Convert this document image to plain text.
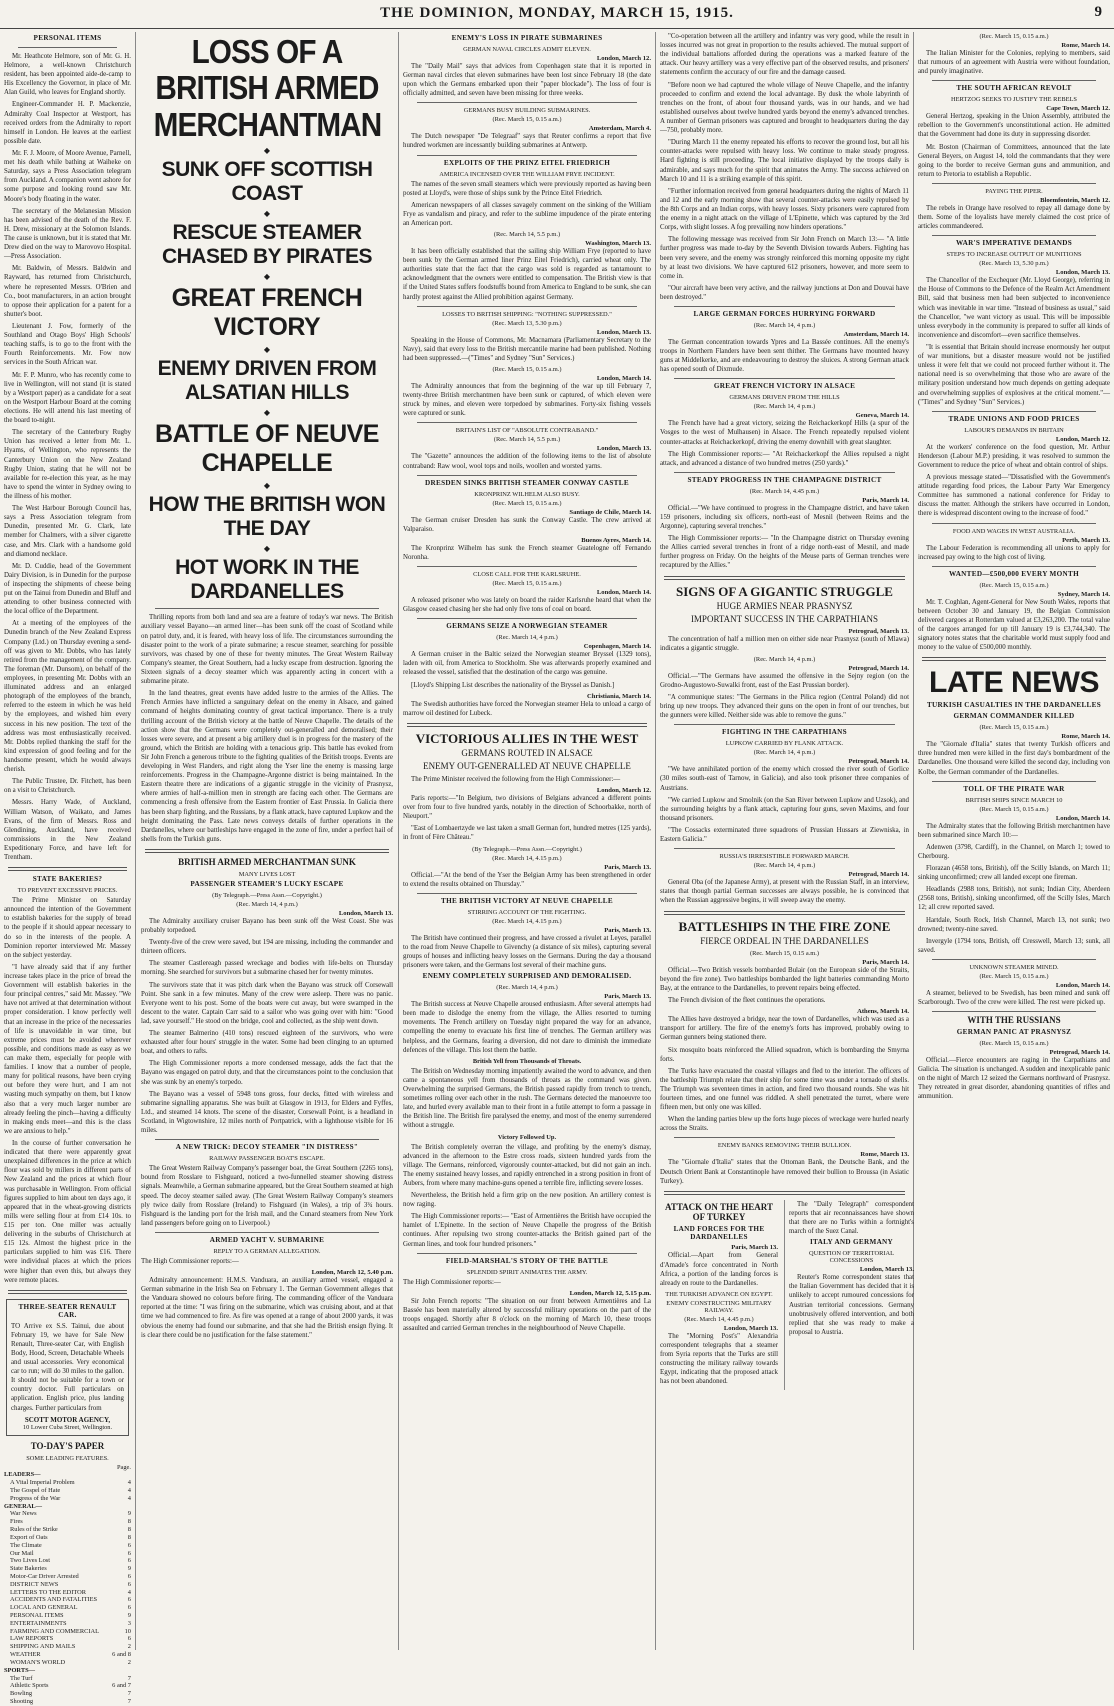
THE DOMINION, MONDAY, MARCH 15, 1915.	9
PERSONAL ITEMS

Mr. Heathcote Helmore, son of Mr. G. H. Helmore, a well-known Christchurch resident, has been appointed aide-de-camp to His Excellency the Governor, in place of Mr. Alan Guild, who leaves for England shortly.

Engineer-Commander H. P. Mackenzie, Admiralty Coal Inspector at Westport, has received orders from the Admiralty to report himself in London. He leaves at the earliest possible date.

Mr. F. J. Moore, of Moore Avenue, Parnell, met his death while bathing at Waiheke on Saturday, says a Press Association telegram from Auckland. A companion went ashore for some purpose and looking round saw Mr. Moore's body floating in the water.

The secretary of the Melanesian Mission has been advised of the death of the Rev. F. H. Drew, missionary at the Solomon Islands. The cause is unknown, but it is stated that Mr. Drew died on the way to Marovovo Hospital.—Press Association.

Mr. Baldwin, of Messrs. Baldwin and Rayward, has returned from Christchurch, where he represented Messrs. O'Brien and Co., boot manufacturers, in an action brought to oppose their application for a patent for a shutter's boot.

Lieutenant J. Fow, formerly of the Southland and Otago Boys' High Schools' teaching staffs, is to go to the front with the Fourth Reinforcements. Mr. Fow now services in the South African war.

Mr. F. P. Munro, who has recently come to live in Wellington, will not stand (it is stated by a Westport paper) as a candidate for a seat on the Westport Harbour Board at the coming elections. He will attend his last meeting of the board to-night.

The secretary of the Canterbury Rugby Union has received a letter from Mr. L. Hyams, of Wellington, who represents the Canterbury Union on the New Zealand Rugby Union, stating that he will not be available for re-election this year, as he may have to spend the winter in Sydney owing to the illness of his mother.

The West Harbour Borough Council has, says a Press Association telegram from Dunedin, presented Mr. G. Clark, late member for Chalmers, with a silver cigarette case, and Mrs. Clark with a handsome gold and diamond necklace.

Mr. D. Cuddie, head of the Government Dairy Division, is in Dunedin for the purpose of inspecting the shipments of cheese being put on the Tainui from Dunedin and Bluff and attending to other business connected with the local office of the Department.

At a meeting of the employees of the Dunedin branch of the New Zealand Express Company (Ltd.) on Thursday evening a send-off was given to Mr. Dobbs, who has lately retired from the management of the company. The foreman (Mr. Dunsom), on behalf of the employees, in presenting Mr. Dobbs with an illuminated address and an enlarged photograph of the employees of the branch, referred to the esteem in which he was held by the employees, and wished him every success in his new position. The text of the address was most enthusiastically received. Mr. Dobbs replied thanking the staff for the kind expression of good feeling and for the handsome present, which he would always cherish.

The Public Trustee, Dr. Fitchett, has been on a visit to Christchurch.

Messrs. Harry Wade, of Auckland, William Watson, of Waikato, and James Evans, of the firm of Messrs. Ross and Glendining, Auckland, have received commissions in the New Zealand Expeditionary Force, and have left for Trentham.

STATE BAKERIES?
TO PREVENT EXCESSIVE PRICES.

The Prime Minister on Saturday announced the intention of the Government to establish bakeries for the supply of bread to the people if it should appear necessary to do so in the interests of the people. A Dominion reporter interviewed Mr. Massey on the subject yesterday.

"I have already said that if any further increase takes place in the price of bread the Government will establish bakeries in the four principal centres," said Mr. Massey. "We have not arrived at that determination without proper consideration. I know perfectly well that an increase in the price of the necessaries of life is unavoidable in war time, but extreme prices must be avoided wherever possible, and conditions made as easy as we can make them, especially for people with families. I know that a number of people, many for political reasons, have been crying out before they were hurt, and I am not wasting much sympathy on them, but I know also that a very much larger number are already feeling the pinch—having a difficulty in making ends meet—and this is the class we are anxious to help."

In the course of further conversation he indicated that there were apparently great unexplained differences in the price at which flour was sold by millers in different parts of New Zealand and the prices at which flour was purchasable in Wellington. From official figures supplied to him about ten days ago, it appeared that in the wheat-growing districts mills were selling flour at from £14 10s. to £15 per ton. One miller was actually delivering in the suburbs of Christchurch at £15 12s. Almost the highest price in the particulars supplied to him was £16. There were individual places at which the prices were higher than even this, but always they were remote places.

THREE-SEATER RENAULT CAR.

TO Arrive ex S.S. Tainui, due about February 19, we have for Sale New Renault, Three-seater Car, with English Body, Hood, Screen, Detachable Wheels and usual accessories. Very economical car to run; will do 30 miles to the gallon. It should not be suitable for a town or country doctor. Full particulars on application. English price, plus landing charges. Further particulars from

SCOTT MOTOR AGENCY,
10 Lower Cuba Street, Wellington.
TO-DAY'S PAPER
SOME LEADING FEATURES.
Page.
LEADERS—
A Vital Imperial Problem	4
The Gospel of Hate	4
Progress of the War	4
GENERAL—
War News	9
Fires	8
Rules of the Strike	8
Export of Oats	8
The Climate	6
Our Mail	6
Two Lives Lost	6
State Bakeries	9
Motor-Car Driver Arrested	6
DISTRICT NEWS	6
LETTERS TO THE EDITOR	4
ACCIDENTS AND FATALITIES	6
LOCAL AND GENERAL	6
PERSONAL ITEMS	9
ENTERTAINMENTS	3
FARMING AND COMMERCIAL	10
LAW REPORTS	6
SHIPPING AND MAILS	2
WEATHER	6 and 8
WOMAN'S WORLD	2
SPORTS—
The Turf	7
Athletic Sports	6 and 7
Bowling	7
Shooting	7
LOSS OF A BRITISH ARMED MERCHANTMAN
◆
SUNK OFF SCOTTISH COAST
◆
RESCUE STEAMER CHASED BY PIRATES
◆
GREAT FRENCH VICTORY
◆
ENEMY DRIVEN FROM ALSATIAN HILLS
◆
BATTLE OF NEUVE CHAPELLE
◆
HOW THE BRITISH WON THE DAY
◆
HOT WORK IN THE DARDANELLES

Thrilling reports from both land and sea are a feature of today's war news. The British auxiliary vessel Bayano—an armed liner—has been sunk off the coast of Scotland while on patrol duty, and, it is feared, with heavy loss of life. The circumstances surrounding the disaster point to the work of a pirate submarine; a rescue steamer, searching for possible survivors, was chased by one of these for twenty minutes. The Great Western Railway Company's steamer, the Great Southern, had a lucky escape from destruction. Ignoring the Sixteen signals of a decoy steamer which was apparently acting in concert with a submarine pirate.

In the land theatres, great events have added lustre to the armies of the Allies. The French Armies have inflicted a sanguinary defeat on the enemy in Alsace, and gained command of heights dominating country of great tactical importance. There is a truly thrilling account of the British victory at the battle of Neuve Chapelle. The details of the action show that the Germans were completely out-generalled and demoralised; their losses were severe, and at present a big artillery duel is in progress for the mastery of the ground, which the British are holding with a tenacious grip. This battle has evoked from Sir John French a generous tribute to the fighting qualities of the British troops. Events are developing in West Flanders, and right along the Yser line the enemy is massing large reinforcements. Progress in the Champagne-Argonne district is being maintained. In the Eastern theatre there are indications of a gigantic struggle in the vicinity of Prasnysz, where armies of half-a-million men in strength are facing each other. The Germans are commencing a fresh offensive from the Eastern frontier of East Prussia. In Galicia there has been sharp fighting, and the Russians, by a flank attack, have captured Lupkow and the height dominating the Pass. Late news conveys details of further operations in the Dardanelles, where our battleships have engaged in the zone of fire, under a perfect hail of shells from the Turkish guns.

BRITISH ARMED MERCHANTMAN SUNK
MANY LIVES LOST
PASSENGER STEAMER'S LUCKY ESCAPE
(By Telegraph.—Press Assn.—Copyright.)
(Rec. March 14, 4 p.m.)
London, March 13.

The Admiralty auxiliary cruiser Bayano has been sunk off the West Coast. She was probably torpedoed.

Twenty-five of the crew were saved, but 194 are missing, including the commander and thirteen officers.

The steamer Castlereagh passed wreckage and bodies with life-belts on Thursday morning. She searched for survivors but a submarine chased her for twenty minutes.

The survivors state that it was pitch dark when the Bayano was struck off Corsewall Point. She sank in a few minutes. Many of the crew were asleep. There was no panic. Everyone went to his post. Some of the boats were cut away, but were swamped in the descent to the water. Captain Carr said to a sailor who was going over with him: "Good lad, save yourself." He stood on the bridge, cool and collected, as the ship went down.

The steamer Balmerino (410 tons) rescued eighteen of the survivors, who were exhausted after four hours' struggle in the water. Some had been clinging to an upturned boat, and others to rafts.

The High Commissioner reports a more condensed message, adds the fact that the Bayano was engaged on patrol duty, and that the circumstances point to the conclusion that she was sunk by an enemy's torpedo.

The Bayano was a vessel of 5948 tons gross, four decks, fitted with wireless and submarine signalling apparatus. She was built at Glasgow in 1913, for Elders and Fyffes, Ltd., and steamed 14 knots. The scene of the disaster, Corsewall Point, is a headland in Scotland, in Wigtownshire, 12 miles north of Portpatrick, with a lighthouse visible for 16 miles.

A NEW TRICK: DECOY STEAMER "IN DISTRESS"
RAILWAY PASSENGER BOAT'S ESCAPE.

The Great Western Railway Company's passenger boat, the Great Southern (2265 tons), bound from Rosslare to Fishguard, noticed a two-funnelled steamer showing distress signals. Meanwhile, a German submarine appeared, but the Great Southern steamed at high speed. The decoy steamer sailed away. (The Great Western Railway Company's steamers ply twice daily from Rosslare (Ireland) to Fishguard (in Wales), a trip of 3¾ hours. Fishguard is the landing port for the Irish mail, and the Cunard steamers from New York land passengers before going on to Liverpool.)

ARMED YACHT V. SUBMARINE
REPLY TO A GERMAN ALLEGATION.

The High Commissioner reports:—

London, March 12, 5.40 p.m.

Admiralty announcement: H.M.S. Vanduara, an auxiliary armed vessel, engaged a German submarine in the Irish Sea on February 1. The German Government alleges that the Vanduara showed no colours before firing. The commanding officer of the Vanduara reported at the time: "I was firing on the submarine, which was cruising about, and at that time we had commenced to fire. As fire was opened at a range of about 2000 yards, it was obvious the enemy had found our submarine, and that she had the British ensign flying. It is clear there could be no justification for the false statement."

ENEMY'S LOSS IN PIRATE SUBMARINES
GERMAN NAVAL CIRCLES ADMIT ELEVEN.
London, March 12.

The "Daily Mail" says that advices from Copenhagen state that it is reported in German naval circles that eleven submarines have been lost since February 18 (the date upon which the Germans embarked upon their "paper blockade"). The loss of four is officially admitted, and seven have been missing for three weeks.

GERMANS BUSY BUILDING SUBMARINES.
(Rec. March 15, 0.15 a.m.)
Amsterdam, March 4.

The Dutch newspaper "De Telegraaf" says that Reuter confirms a report that five hundred workmen are incessantly building submarines at Antwerp.

EXPLOITS OF THE PRINZ EITEL FRIEDRICH
AMERICA INCENSED OVER THE WILLIAM FRYE INCIDENT.

The names of the seven small steamers which were previously reported as having been posted at Lloyd's, were those of ships sunk by the Prince Eitel Friedrich.

American newspapers of all classes savagely comment on the sinking of the William Frye as vandalism and piracy, and refer to the sublime impudence of the pirate entering an American port.

(Rec. March 14, 5.5 p.m.)
Washington, March 13.

It has been officially established that the sailing ship William Frye (reported to have been sunk by the German armed liner Prinz Eitel Friedrich), carried wheat only. The authorities state that the fact that the cargo was sold is regarded as tantamount to acknowledgment that the owners were entitled to compensation. The British view is that if the United States suffers foodstuffs bound from America to England to be sunk, she can hardly protest against the Allied prohibition against Germany.

LOSSES TO BRITISH SHIPPING: "NOTHING SUPPRESSED."
(Rec. March 13, 5.30 p.m.)
London, March 13.

Speaking in the House of Commons, Mr. Macnamara (Parliamentary Secretary to the Navy), said that every loss to the British mercantile marine had been published. Nothing had been suppressed.—("Times" and Sydney "Sun" Services.)

(Rec. March 15, 0.15 a.m.)
London, March 14.

The Admiralty announces that from the beginning of the war up till February 7, twenty-three British merchantmen have been sunk or captured, of which eleven were struck by mines, and eleven were torpedoed by submarines. Forty-six fishing vessels were captured or sunk.

BRITAIN'S LIST OF "ABSOLUTE CONTRABAND."
(Rec. March 14, 5.5 p.m.)
London, March 13.

The "Gazette" announces the addition of the following items to the list of absolute contraband: Raw wool, wool tops and noils, woollen and worsted yarns.

DRESDEN SINKS BRITISH STEAMER CONWAY CASTLE
KRONPRINZ WILHELM ALSO BUSY.
(Rec. March 15, 0.15 a.m.)
Santiago de Chile, March 14.

The German cruiser Dresden has sunk the Conway Castle. The crew arrived at Valparaiso.

Buenos Ayres, March 14.

The Kronprinz Wilhelm has sunk the French steamer Guatelogne off Fernando Noronha.

CLOSE CALL FOR THE KARLSRUHE.
(Rec. March 15, 0.15 a.m.)
London, March 14.

A released prisoner who was lately on board the raider Karlsruhe heard that when the Glasgow ceased chasing her she had only five tons of coal on board.

GERMANS SEIZE A NORWEGIAN STEAMER
(Rec. March 14, 4 p.m.)
Copenhagen, March 14.

A German cruiser in the Baltic seized the Norwegian steamer Bryssel (1329 tons), laden with oil, from America to Stockholm. She was afterwards properly examined and released the vessel, satisfied that the destination of the cargo was genuine.

[Lloyd's Shipping List describes the nationality of the Bryssel as Danish.]

Christiania, March 14.

The Swedish authorities have forced the Norwegian steamer Hela to unload a cargo of marrow oil destined for Lubeck.

VICTORIOUS ALLIES IN THE WEST
GERMANS ROUTED IN ALSACE
ENEMY OUT-GENERALLED AT NEUVE CHAPELLE

The Prime Minister received the following from the High Commissioner:—

London, March 12.

Paris reports:—"In Belgium, two divisions of Belgians advanced a different points over from four to five hundred yards, notably in the direction of Schoorbakke, north of Nieuport."

"East of Lombaertzyde we last taken a small German fort, hundred metres (125 yards), in front of Fère Château."

(By Telegraph.—Press Assn.—Copyright.)
(Rec. March 14, 4.15 p.m.)
Paris, March 13.

Official.—"At the bend of the Yser the Belgian Army has been strengthened in order to extend the results obtained on Thursday."

THE BRITISH VICTORY AT NEUVE CHAPELLE
STIRRING ACCOUNT OF THE FIGHTING.
(Rec. March 14, 4.15 p.m.)
Paris, March 13.

The British have continued their progress, and have crossed a rivulet at Leyes, parallel to the road from Neuve Chapelle to Givenchy (a distance of six miles), capturing several groups of houses and inflicting heavy losses on the Germans. During the day a thousand prisoners were taken, and the Germans lost several of their machine guns.

ENEMY COMPLETELY SURPRISED AND DEMORALISED.
(Rec. March 14, 4 p.m.)
Paris, March 13.

The British success at Neuve Chapelle aroused enthusiasm. After several attempts had been made to dislodge the enemy from the village, the Allies resorted to turning movements. The French artillery on Tuesday night prepared the way for an advance, compelling the enemy to evacuate his first line of trenches. The German artillery was helpless, and the Germans, fearing a diversion, did not dare to diminish the immediate defences of the village. This lost them the battle.

British Yell from Thousands of Throats.

The British on Wednesday morning impatiently awaited the word to advance, and then came a spontaneous yell from thousands of throats as the command was given. Overwhelming the surprised Germans, the British passed rapidly from trench to trench, sometimes rolling over each other in the rush. The Germans detected the manoeuvre too late, and hurled every available man to their front in a futile attempt to form a passage in the British line. The British fire paralysed the enemy, and most of the enemy surrendered without a struggle.

Victory Followed Up.

The British completely overran the village, and profiting by the enemy's dismay, advanced in the afternoon to the Estre cross roads, sixteen hundred yards from the village. The Germans, reinforced, vigorously counter-attacked, but did not gain an inch. The enemy sustained heavy losses, and rapidly entrenched in a strong position in front of Aubers, from where many machine-guns opened a terrible fire, inflicting severe losses.

Nevertheless, the British held a firm grip on the new position. An artillery contest is now raging.

The High Commissioner reports:— "East of Armentières the British have occupied the hamlet of L'Epinette. In the section of Neuve Chapelle the progress of the British continues. After repulsing two strong counter-attacks the British gained part of the German lines, and took four hundred prisoners."

FIELD-MARSHAL'S STORY OF THE BATTLE
SPLENDID SPIRIT ANIMATES THE ARMY.

The High Commissioner reports:—

London, March 12, 5.15 p.m.

Sir John French reports: "The situation on our front between Armentières and La Bassée has been materially altered by successful military operations on the part of the troops engaged. Shortly after 8 o'clock on the morning of March 10, these troops assaulted and carried German trenches in the neighbourhood of Neuve Chapelle.

"Co-operation between all the artillery and infantry was very good, while the result in losses incurred was not great in proportion to the results achieved. The mutual support of the individual battalions afforded during the operations was a marked feature of the attack. Our heavy artillery was a very effective part of the observed results, and prisoners' statements confirm the accuracy of our fire and the damage caused.

"Before noon we had captured the whole village of Neuve Chapelle, and the infantry proceeded to confirm and extend the local advantage. By dusk the whole labyrinth of trenches on the front, of about four thousand yards, was in our hands, and we had established ourselves about twelve hundred yards beyond the enemy's advanced trenches. A number of German prisoners was captured and brought to headquarters during the day—750, probably more.

"During March 11 the enemy repeated his efforts to recover the ground lost, but all his counter-attacks were repulsed with heavy loss. We continue to make steady progress. Hard fighting is still proceeding. The local initiative displayed by the troops daily is admirable, and says much for the spirit that animates the Army. The success achieved on March 10 and 11 is a striking example of this spirit.

"Further information received from general headquarters during the nights of March 11 and 12 and the early morning show that several counter-attacks were easily repulsed by the 8th Corps and an Indian corps, with heavy losses. Sixty prisoners were captured from the enemy in a night attack on the village of L'Epinette, which was captured by the 3rd Corps, with slight losses. A fog prevailing now hinders operations."

The following message was received from Sir John French on March 13:— "A little further progress was made to-day by the Seventh Division towards Aubers. Fighting has been very severe, and the enemy was strongly reinforced this morning opposite my right by at least two divisions. We have captured 612 prisoners, however, and more seem to come in.

"Our aircraft have been very active, and the railway junctions at Don and Douvai have been destroyed."

LARGE GERMAN FORCES HURRYING FORWARD
(Rec. March 14, 4 p.m.)
Amsterdam, March 14.

The German concentration towards Ypres and La Bassée continues. All the enemy's troops in Northern Flanders have been sent thither. The Germans have mounted heavy guns at Middelkerke, and are endeavouring to destroy the sluices. A strong German attack has opened south of Dixmude.

GREAT FRENCH VICTORY IN ALSACE
GERMANS DRIVEN FROM THE HILLS
(Rec. March 14, 4 p.m.)
Geneva, March 14.

The French have had a great victory, seizing the Reichackerkopf Hills (a spur of the Vosges to the west of Mulhausen) in Alsace. The French repeatedly repulsed violent counter-attacks at Reichackerkopf, driving the enemy downhill with great slaughter.

The High Commissioner reports:— "At Reichackerkopf the Allies repulsed a night attack, and advanced a distance of two hundred metres (250 yards)."

STEADY PROGRESS IN THE CHAMPAGNE DISTRICT
(Rec. March 14, 4.45 p.m.)
Paris, March 14.

Official.—"We have continued to progress in the Champagne district, and have taken 159 prisoners, including six officers, north-east of Mesnil (between Reims and the Argonne), capturing several trenches."

The High Commissioner reports:— "In the Champagne district on Thursday evening the Allies carried several trenches in front of a ridge north-east of Mesnil, and made further progress on Friday. On the heights of the Meuse parts of German trenches were recaptured by the Allies."

SIGNS OF A GIGANTIC STRUGGLE
HUGE ARMIES NEAR PRASNYSZ
IMPORTANT SUCCESS IN THE CARPATHIANS
Petrograd, March 13.

The concentration of half a million men on either side near Prasnysz (south of Mlawa) indicates a gigantic struggle.

(Rec. March 14, 4 p.m.)
Petrograd, March 14.

Official.—"The Germans have assumed the offensive in the Sejny region (on the Grodno-Augustowo-Suwalki front, east of the East Prussian border).

"A communique states: "The Germans in the Pilica region (Central Poland) did not bring up new troops. They advanced their guns on the open in front of our trenches, but the gunners were killed. Neither side was able to remove the guns."

FIGHTING IN THE CARPATHIANS
LUPKOW CARRIED BY FLANK ATTACK.
(Rec. March 14, 4 p.m.)
Petrograd, March 14.

"We have annihilated portion of the enemy which crossed the river south of Gorlice (30 miles south-east of Tarnow, in Galicia), and also took prisoner three companies of Austrians.

"We carried Lupkow and Smolnik (on the San River between Lupkow and Uzsok), and the surrounding heights by a flank attack, capturing four guns, seven Maxims, and four thousand prisoners.

"The Cossacks exterminated three squadrons of Prussian Hussars at Ziewniska, in Eastern Galicia."

RUSSIA'S IRRESISTIBLE FORWARD MARCH.
(Rec. March 14, 4 p.m.)
Petrograd, March 14.

General Oba (of the Japanese Army), at present with the Russian Staff, in an interview, states that though partial German successes are always possible, he is convinced that when the Russian aggressive begins, it will sweep away the enemy.

BATTLESHIPS IN THE FIRE ZONE
FIERCE ORDEAL IN THE DARDANELLES
(Rec. March 15, 0.15 a.m.)
Paris, March 14.

Official.—Two British vessels bombarded Bulair (on the European side of the Straits, beyond the fire zone). Two battleships bombarded the light batteries commanding Morto Bay, at the entrance to the Dardanelles, to prevent repairs being effected.

The French division of the fleet continues the operations.

Athens, March 14.

The Allies have destroyed a bridge, near the town of Dardanelles, which was used as a transport for artillery. The fire of the enemy's forts has improved, probably owing to German gunners being stationed there.

Six mosquito boats reinforced the Allied squadron, which is bombarding the Smyrna forts.

The Turks have evacuated the coastal villages and fled to the interior. The officers of the battleship Triumph relate that their ship for some time was under a tornado of shells. The Triumph was seventeen times in action, and fired two thousand rounds. She was hit fourteen times, and one funnel was riddled. A shell penetrated the turret, where were fifteen men, but only one was killed.

When the landing parties blew up the forts huge pieces of wreckage were hurled nearly across the Straits.

ENEMY BANKS REMOVING THEIR BULLION.
Rome, March 13.

The "Giornale d'Italia" states that the Ottoman Bank, the Deutsche Bank, and the Deutsch Orient Bank at Constantinople have removed their bullion to Broussa (in Asiatic Turkey).

ATTACK ON THE HEART OF TURKEY
LAND FORCES FOR THE DARDANELLES
Paris, March 13.

Official.—Apart from General d'Amade's force concentrated in North Africa, a portion of the landing forces is already en route to the Dardanelles.

THE TURKISH ADVANCE ON EGYPT.
ENEMY CONSTRUCTING MILITARY RAILWAY.
(Rec. March 14, 4.45 p.m.)
London, March 13.

The "Morning Post's" Alexandria correspondent telegraphs that a steamer from Syria reports that the Turks are still constructing the military railway towards Egypt, indicating that the proposed attack has not been abandoned.

The "Daily Telegraph" correspondent reports that air reconnaissances have shown that there are no Turks within a fortnight's march of the Suez Canal.

ITALY AND GERMANY
QUESTION OF TERRITORIAL CONCESSIONS
London, March 13.

Reuter's Rome correspondent states that the Italian Government has decided that it is unlikely to accept rumoured concessions for Austrian territorial concessions. Germany unobtrusively offered intervention, and both replied that she was ready to make a proposal to Austria.

(Rec. March 15, 0.15 a.m.)
Rome, March 14.

The Italian Minister for the Colonies, replying to members, said that rumours of an agreement with Austria were without foundation, and purely imaginative.

THE SOUTH AFRICAN REVOLT
HERTZOG SEEKS TO JUSTIFY THE REBELS
Cape Town, March 12.

General Hertzog, speaking in the Union Assembly, attributed the rebellion to the Government's unconstitutional action. He admitted that the Government had done its duty in suppressing disorder.

Mr. Boston (Chairman of Committees, announced that the late General Beyers, on August 14, told the commandants that they were going to the border to receive German guns and ammunition, and return to Pretoria to establish a Republic.

PAYING THE PIPER.
Bloemfontein, March 12.

The rebels in Orange have resolved to repay all damage done by them. Some of the loyalists have merely claimed the cost price of articles commandeered.

WAR'S IMPERATIVE DEMANDS
STEPS TO INCREASE OUTPUT OF MUNITIONS
(Rec. March 13, 5.30 p.m.)
London, March 13.

The Chancellor of the Exchequer (Mr. Lloyd George), referring in the House of Commons to the Defence of the Realm Act Amendment Bill, said that business men had been subjected to inconvenience which was inevitable in war time. "Instead of business as usual," said the Chancellor, "we want victory as usual. This will be impossible unless everybody in the community is prepared to suffer all kinds of inconvenience and discomfort—even sacrifice themselves.

"It is essential that Britain should increase enormously her output of war munitions, but a disaster measure would not be justified unless it were felt that we could not proceed further without it. The national need is so overwhelming that those who are aware of the military position understand how much depends on getting adequate and overwhelming supplies of explosives at the critical moment."—("Times" and Sydney "Sun" Services.)

TRADE UNIONS AND FOOD PRICES
LABOUR'S DEMANDS IN BRITAIN
London, March 12.

At the workers' conference on the food question, Mr. Arthur Henderson (Labour M.P.) presiding, it was resolved to summon the Government to reduce the price of wheat and obtain control of ships.

A previous message stated—"Dissatisfied with the Government's attitude regarding food prices, the Labour Party War Emergency Committee has summoned a national conference for Friday to discuss the matter. Although the strikers have occurred in London, there is widespread discontent owing to the increase of food."

FOOD AND WAGES IN WEST AUSTRALIA.
Perth, March 13.

The Labour Federation is recommending all unions to apply for increased pay owing to the high cost of living.

WANTED—£500,000 EVERY MONTH
(Rec. March 15, 0.15 a.m.)
Sydney, March 14.

Mr. T. Coghlan, Agent-General for New South Wales, reports that between October 30 and January 19, the Belgian Commission delivered cargoes at Rotterdam valued at £3,263,200. The total value of the cargoes arranged for up till January 19 is £3,744,340. The signatory notes states that the charitable world must supply food and money to the value of £500,000 monthly.

LATE NEWS
TURKISH CASUALTIES IN THE DARDANELLES
GERMAN COMMANDER KILLED
(Rec. March 15, 0.15 a.m.)
Rome, March 14.

The "Giornale d'Italia" states that twenty Turkish officers and three hundred men were killed in the first day's bombardment of the Dardanelles. One thousand were killed the second day, including von Kolbe, the German commander of the Dardanelles.

TOLL OF THE PIRATE WAR
BRITISH SHIPS SINCE MARCH 10
(Rec. March 15, 0.15 a.m.)
London, March 14.

The Admiralty states that the following British merchantmen have been submarined since March 10:—

Adenwen (3798, Cardiff), in the Channel, on March 1; towed to Cherbourg.

Florazan (4658 tons, British), off the Scilly Islands, on March 11; sinking unconfirmed; crew all landed except one fireman.

Headlands (2988 tons, British), not sunk; Indian City, Aberdeen (2568 tons, British), sinking unconfirmed, off the Scilly Isles, March 12; all crew reported saved.

Hartdale, South Rock, Irish Channel, March 13, not sunk; two drowned; twenty-nine saved.

Invergyle (1794 tons, British, off Cresswell, March 13; sunk, all saved.

UNKNOWN STEAMER MINED.
(Rec. March 15, 0.15 a.m.)
London, March 14.

A steamer, believed to be Swedish, has been mined and sunk off Scarborough. Two of the crew were killed. The rest were picked up.

WITH THE RUSSIANS
GERMAN PANIC AT PRASNYSZ
(Rec. March 15, 0.15 a.m.)
Petrograd, March 14.

Official.—Fierce encounters are raging in the Carpathians and Galicia. The situation is unchanged. A sudden and inexplicable panic on the night of March 12 seized the Germans northward of Prasnysz. They retreated in great disorder, abandoning quantities of rifles and ammunition.
